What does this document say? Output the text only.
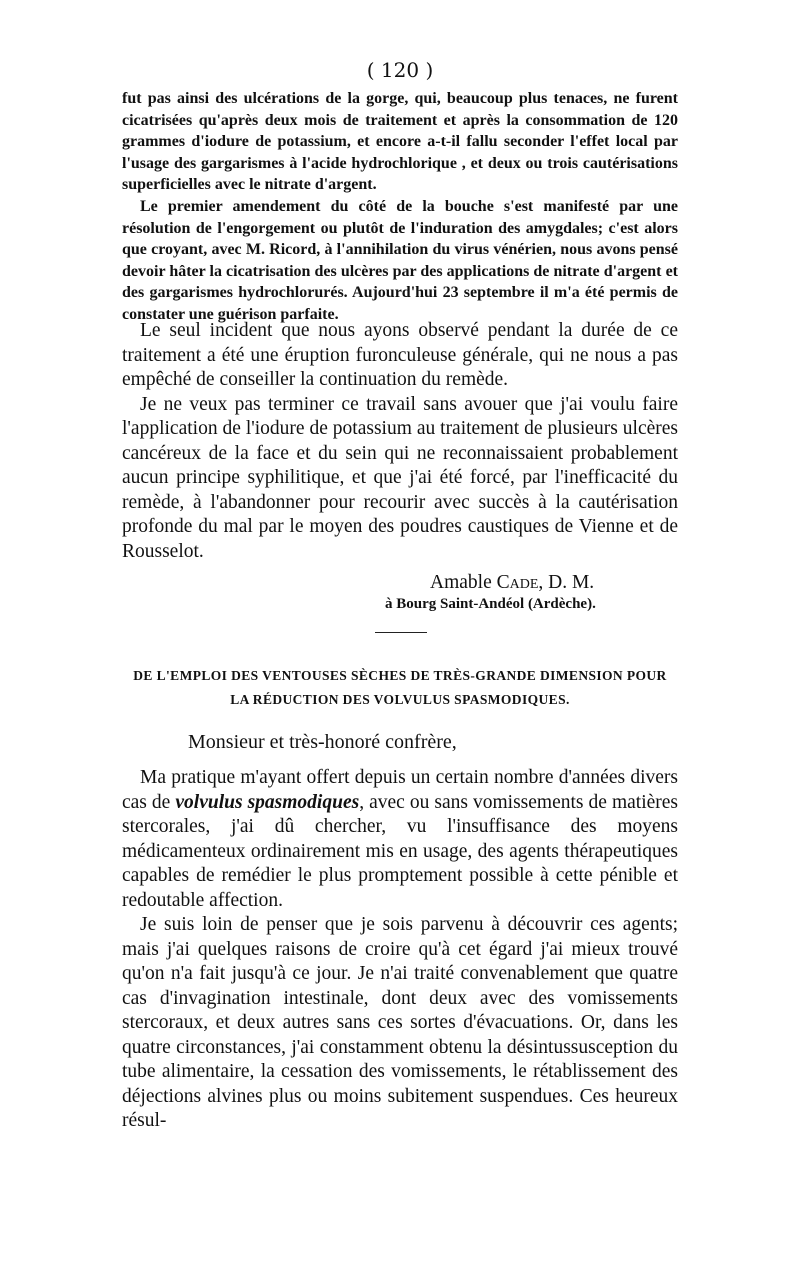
( 120 )

fut pas ainsi des ulcérations de la gorge, qui, beaucoup plus tenaces, ne furent cicatrisées qu'après deux mois de traitement et après la consommation de 120 grammes d'iodure de potassium, et encore a-t-il fallu seconder l'effet local par l'usage des gargarismes à l'acide hydrochlorique , et deux ou trois cautérisations superficielles avec le nitrate d'argent.

Le premier amendement du côté de la bouche s'est manifesté par une résolution de l'engorgement ou plutôt de l'induration des amygdales; c'est alors que croyant, avec M. Ricord, à l'annihilation du virus vénérien, nous avons pensé devoir hâter la cicatrisation des ulcères par des applications de nitrate d'argent et des gargarismes hydrochlorurés. Aujourd'hui 23 septembre il m'a été permis de constater une guérison parfaite.

Le seul incident que nous ayons observé pendant la durée de ce traitement a été une éruption furonculeuse générale, qui ne nous a pas empêché de conseiller la continuation du remède.

Je ne veux pas terminer ce travail sans avouer que j'ai voulu faire l'application de l'iodure de potassium au traitement de plusieurs ulcères cancéreux de la face et du sein qui ne reconnaissaient probablement aucun principe syphilitique, et que j'ai été forcé, par l'inefficacité du remède, à l'abandonner pour recourir avec succès à la cautérisation profonde du mal par le moyen des poudres caustiques de Vienne et de Rousselot.

Amable Cade, D. M.
à Bourg Saint-Andéol (Ardèche).
DE L'EMPLOI DES VENTOUSES SÈCHES DE TRÈS-GRANDE DIMENSION POUR
LA RÉDUCTION DES VOLVULUS SPASMODIQUES.
Monsieur et très-honoré confrère,

Ma pratique m'ayant offert depuis un certain nombre d'années divers cas de volvulus spasmodiques, avec ou sans vomissements de matières stercorales, j'ai dû chercher, vu l'insuffisance des moyens médicamenteux ordinairement mis en usage, des agents thérapeutiques capables de remédier le plus promptement possible à cette pénible et redoutable affection.

Je suis loin de penser que je sois parvenu à découvrir ces agents; mais j'ai quelques raisons de croire qu'à cet égard j'ai mieux trouvé qu'on n'a fait jusqu'à ce jour. Je n'ai traité convenablement que quatre cas d'invagination intestinale, dont deux avec des vomissements stercoraux, et deux autres sans ces sortes d'évacuations. Or, dans les quatre circonstances, j'ai constamment obtenu la désintussusception du tube alimentaire, la cessation des vomissements, le rétablissement des déjections alvines plus ou moins subitement suspendues. Ces heureux résul-
